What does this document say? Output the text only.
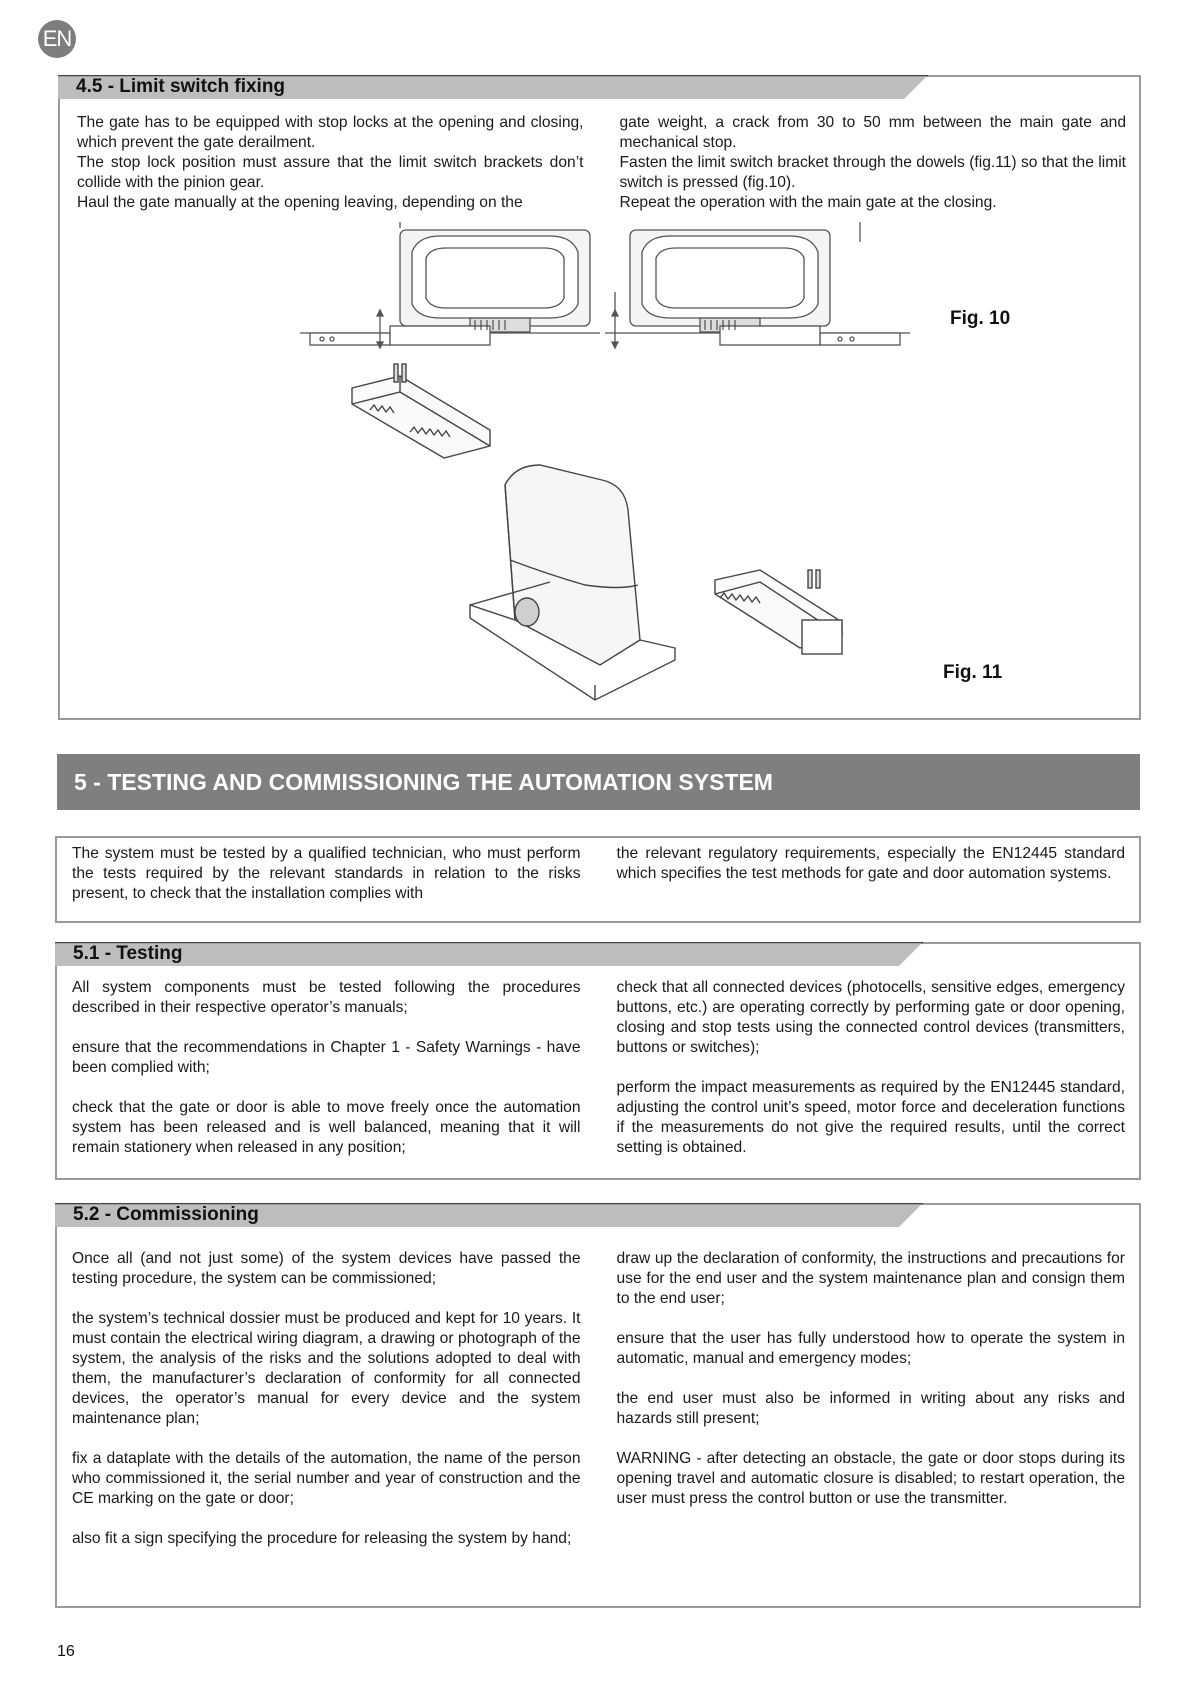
EN
4.5 - Limit switch fixing

The gate has to be equipped with stop locks at the opening and closing, which prevent the gate derailment.

The stop lock position must assure that the limit switch brackets don’t collide with the pinion gear.

Haul the gate manually at the opening leaving, depending on the

gate weight, a crack from 30 to 50 mm between the main gate and mechanical stop.

Fasten the limit switch bracket through the dowels (fig.11) so that the limit switch is pressed (fig.10).

Repeat the operation with the main gate at the closing.

Fig. 10
Fig. 11
5 - TESTING AND COMMISSIONING THE AUTOMATION SYSTEM

The system must be tested by a qualified technician, who must perform the tests required by the relevant standards in relation to the risks present, to check that the installation complies with

the relevant regulatory requirements, especially the EN12445 standard which specifies the test methods for gate and door automation systems.

5.1 - Testing

All system components must be tested following the procedures described in their respective operator’s manuals;

ensure that the recommendations in Chapter 1 - Safety Warnings - have been complied with;

check that the gate or door is able to move freely once the automation system has been released and is well balanced, meaning that it will remain stationery when released in any position;

check that all connected devices (photocells, sensitive edges, emergency buttons, etc.) are operating correctly by performing gate or door opening, closing and stop tests using the connected control devices (transmitters, buttons or switches);

perform the impact measurements as required by the EN12445 standard, adjusting the control unit’s speed, motor force and deceleration functions if the measurements do not give the required results, until the correct setting is obtained.

5.2 - Commissioning

Once all (and not just some) of the system devices have passed the testing procedure, the system can be commissioned;

the system’s technical dossier must be produced and kept for 10 years. It must contain the electrical wiring diagram, a drawing or photograph of the system, the analysis of the risks and the solutions adopted to deal with them, the manufacturer’s declaration of conformity for all connected devices, the operator’s manual for every device and the system maintenance plan;

fix a dataplate with the details of the automation, the name of the person who commissioned it, the serial number and year of construction and the CE marking on the gate or door;

also fit a sign specifying the procedure for releasing the system by hand;

draw up the declaration of conformity, the instructions and precautions for use for the end user and the system maintenance plan and consign them to the end user;

ensure that the user has fully understood how to operate the system in automatic, manual and emergency modes;

the end user must also be informed in writing about any risks and hazards still present;

WARNING - after detecting an obstacle, the gate or door stops during its opening travel and automatic closure is disabled; to restart operation, the user must press the control button or use the transmitter.

16
